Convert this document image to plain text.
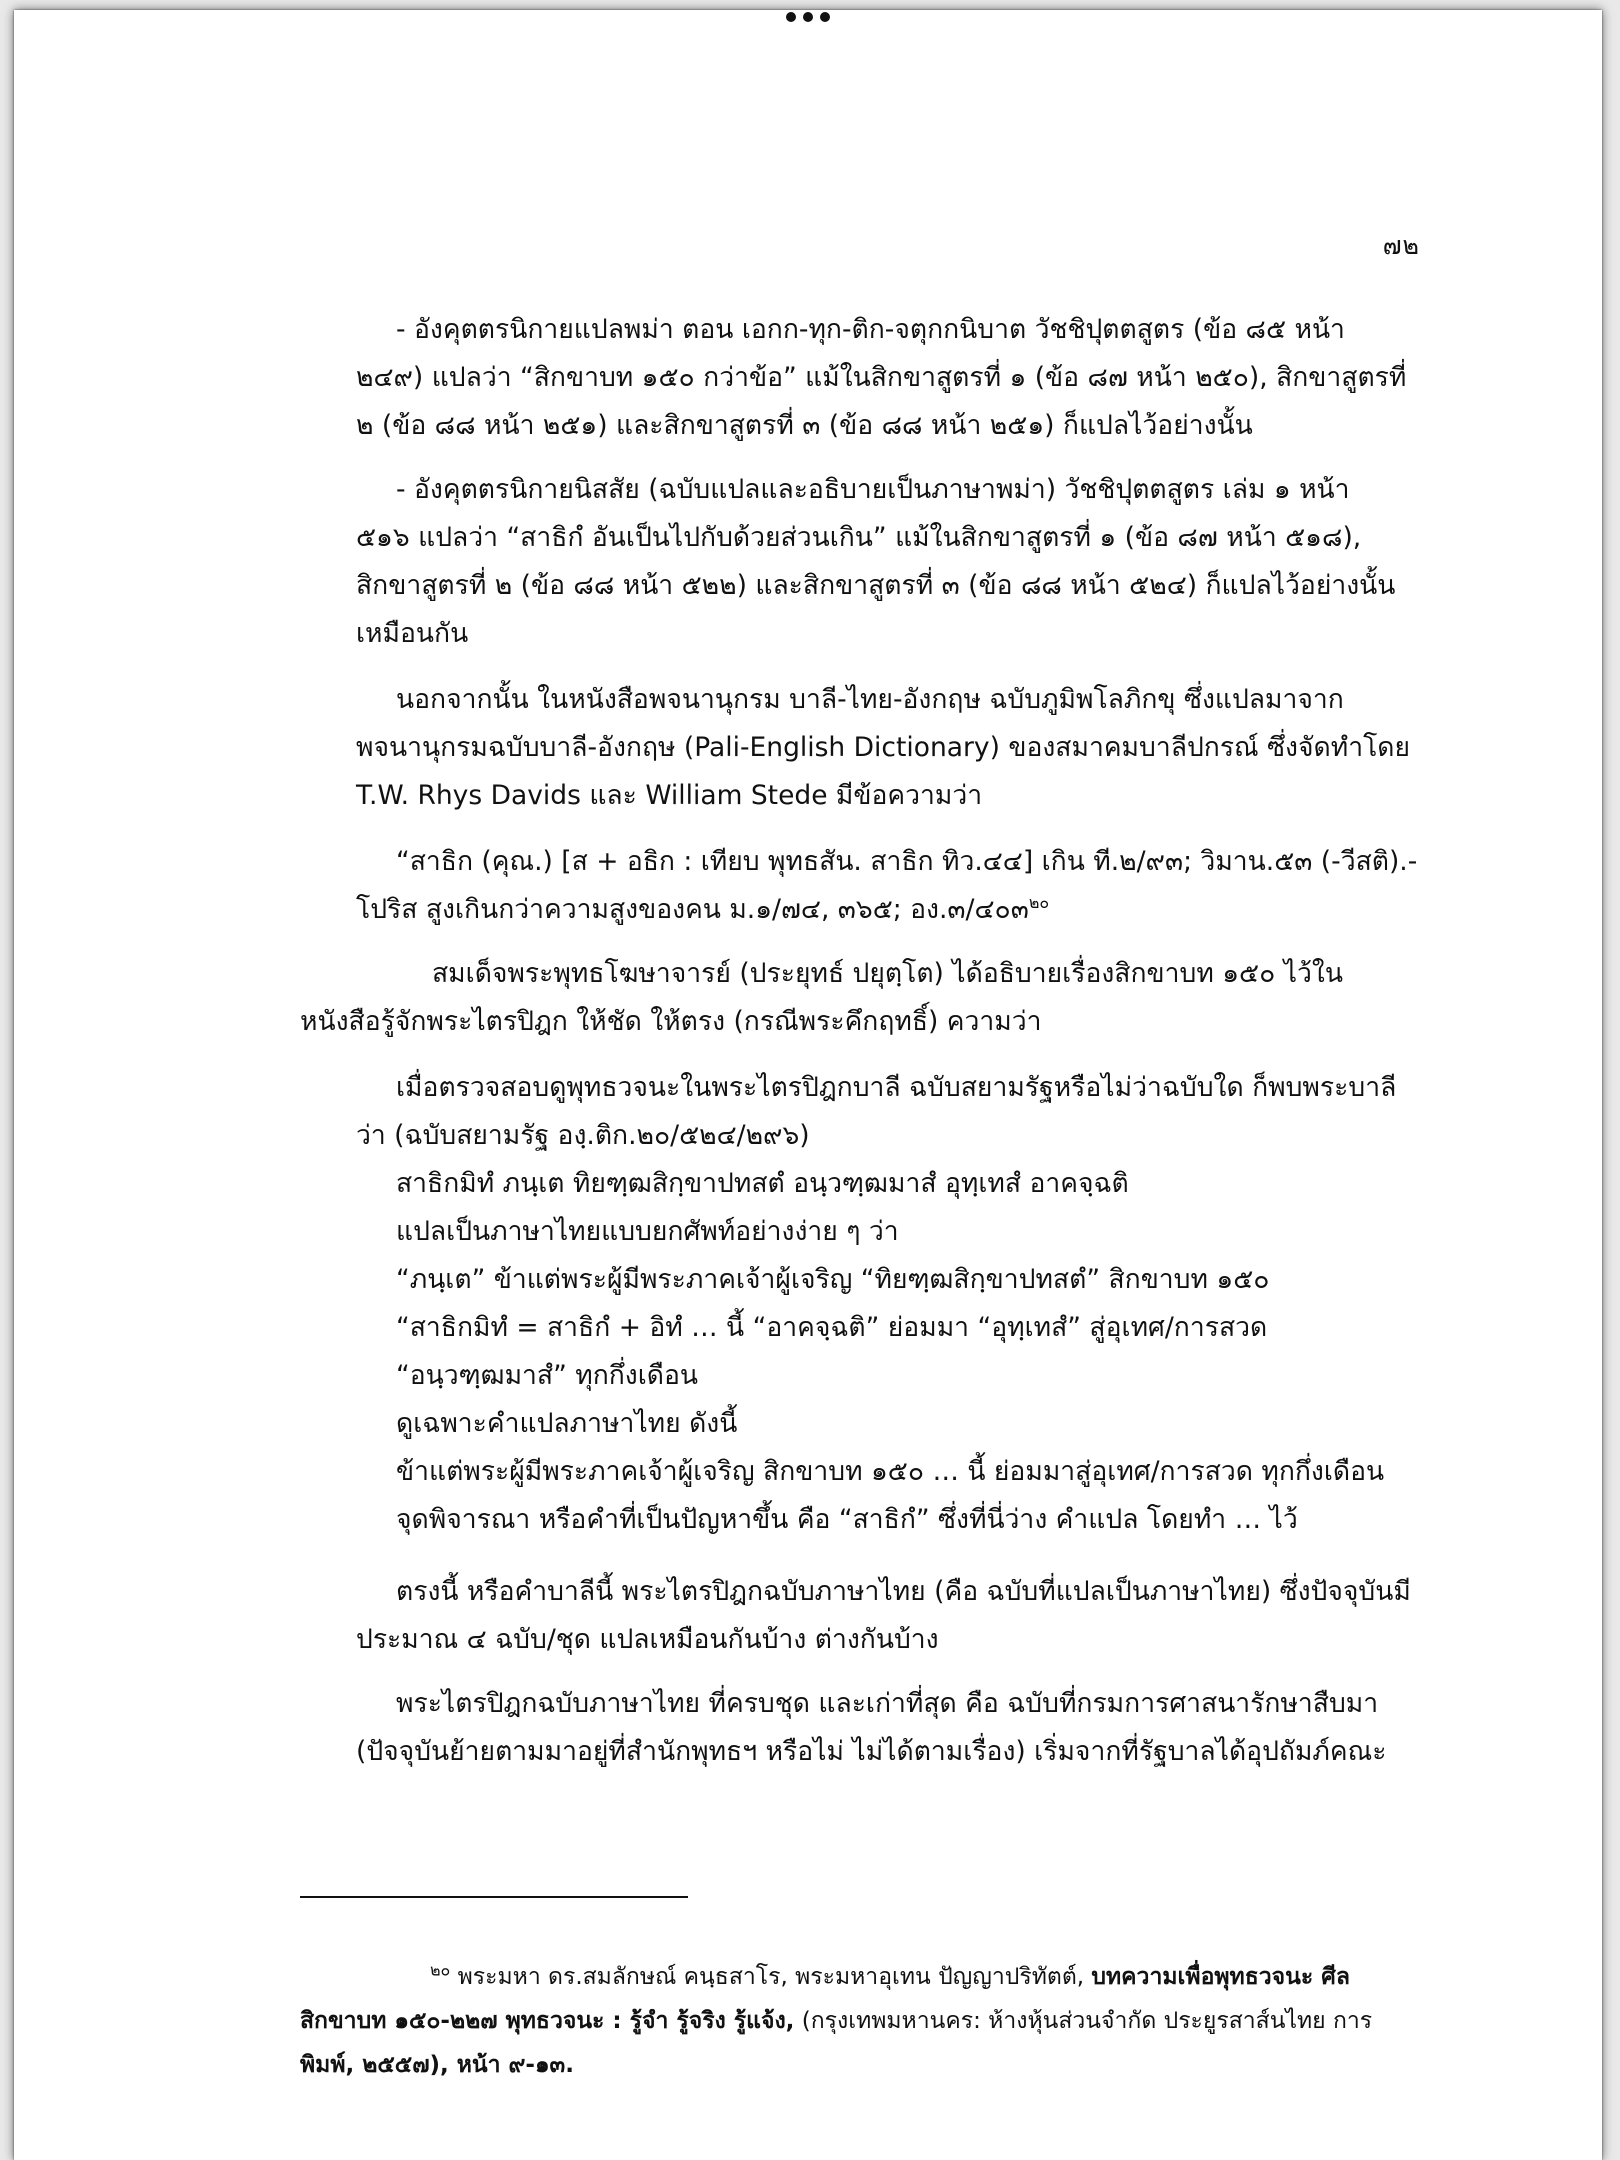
๗๒
- อังคุตตรนิกายแปลพม่า ตอน เอกก-ทุก-ติก-จตุกกนิบาต วัชชิปุตตสูตร (ข้อ ๘๕ หน้า
๒๔๙) แปลว่า “สิกขาบท ๑๕๐ กว่าข้อ” แม้ในสิกขาสูตรที่ ๑ (ข้อ ๘๗ หน้า ๒๕๐), สิกขาสูตรที่
๒ (ข้อ ๘๘ หน้า ๒๕๑) และสิกขาสูตรที่ ๓ (ข้อ ๘๘ หน้า ๒๕๑) ก็แปลไว้อย่างนั้น
- อังคุตตรนิกายนิสสัย (ฉบับแปลและอธิบายเป็นภาษาพม่า) วัชชิปุตตสูตร เล่ม ๑ หน้า
๕๑๖ แปลว่า “สาธิกํ อันเป็นไปกับด้วยส่วนเกิน” แม้ในสิกขาสูตรที่ ๑ (ข้อ ๘๗ หน้า ๕๑๘),
สิกขาสูตรที่ ๒ (ข้อ ๘๘ หน้า ๕๒๒) และสิกขาสูตรที่ ๓ (ข้อ ๘๘ หน้า ๕๒๔) ก็แปลไว้อย่างนั้น
เหมือนกัน
นอกจากนั้น ในหนังสือพจนานุกรม บาลี-ไทย-อังกฤษ ฉบับภูมิพโลภิกขุ ซึ่งแปลมาจาก
พจนานุกรมฉบับบาลี-อังกฤษ (Pali-English Dictionary) ของสมาคมบาลีปกรณ์ ซึ่งจัดทำโดย
T.W. Rhys Davids และ William Stede มีข้อความว่า
“สาธิก (คุณ.) [ส + อธิก : เทียบ พุทธสัน. สาธิก ทิว.๔๔] เกิน ที.๒/๙๓; วิมาน.๕๓ (-วีสติ).-
โปริส สูงเกินกว่าความสูงของคน ม.๑/๗๔, ๓๖๕; อง.๓/๔๐๓$^{๒๐}$
สมเด็จพระพุทธโฆษาจารย์ (ประยุทธ์ ปยุตฺโต) ได้อธิบายเรื่องสิกขาบท ๑๕๐ ไว้ใน
หนังสือรู้จักพระไตรปิฎก ให้ชัด ให้ตรง (กรณีพระคึกฤทธิ์) ความว่า
เมื่อตรวจสอบดูพุทธวจนะในพระไตรปิฎกบาลี ฉบับสยามรัฐหรือไม่ว่าฉบับใด ก็พบพระบาลี
ว่า (ฉบับสยามรัฐ องฺ.ติก.๒๐/๕๒๔/๒๙๖)
สาธิกมิทํ ภนฺเต ทิยฑฺฒสิกฺขาปทสตํ อนฺวฑฺฒมาสํ อุทฺเทสํ อาคจฺฉติ
แปลเป็นภาษาไทยแบบยกศัพท์อย่างง่าย ๆ ว่า
“ภนฺเต” ข้าแต่พระผู้มีพระภาคเจ้าผู้เจริญ “ทิยฑฺฒสิกฺขาปทสตํ” สิกขาบท ๑๕๐
“สาธิกมิทํ = สาธิกํ + อิทํ … นี้ “อาคจฺฉติ” ย่อมมา “อุทฺเทสํ” สู่อุเทศ/การสวด
“อนฺวฑฺฒมาสํ” ทุกกึ่งเดือน
ดูเฉพาะคำแปลภาษาไทย ดังนี้
ข้าแต่พระผู้มีพระภาคเจ้าผู้เจริญ สิกขาบท ๑๕๐ … นี้ ย่อมมาสู่อุเทศ/การสวด ทุกกึ่งเดือน
จุดพิจารณา หรือคำที่เป็นปัญหาขึ้น คือ “สาธิกํ” ซึ่งที่นี่ว่าง คำแปล โดยทำ … ไว้
ตรงนี้ หรือคำบาลีนี้ พระไตรปิฎกฉบับภาษาไทย (คือ ฉบับที่แปลเป็นภาษาไทย) ซึ่งปัจจุบันมี
ประมาณ ๔ ฉบับ/ชุด แปลเหมือนกันบ้าง ต่างกันบ้าง
พระไตรปิฎกฉบับภาษาไทย ที่ครบชุด และเก่าที่สุด คือ ฉบับที่กรมการศาสนารักษาสืบมา
(ปัจจุบันย้ายตามมาอยู่ที่สำนักพุทธฯ หรือไม่ ไม่ได้ตามเรื่อง) เริ่มจากที่รัฐบาลได้อุปถัมภ์คณะ
$^{๒๐}$ พระมหา ดร.สมลักษณ์ คนฺธสาโร, พระมหาอุเทน ปัญญาปริทัตต์, บทความเพื่อพุทธวจนะ ศีล
สิกขาบท ๑๕๐-๒๒๗ พุทธวจนะ : รู้จำ รู้จริง รู้แจ้ง, (กรุงเทพมหานคร: ห้างหุ้นส่วนจำกัด ประยูรสาส์นไทย การ
พิมพ์, ๒๕๕๗), หน้า ๙-๑๓.
